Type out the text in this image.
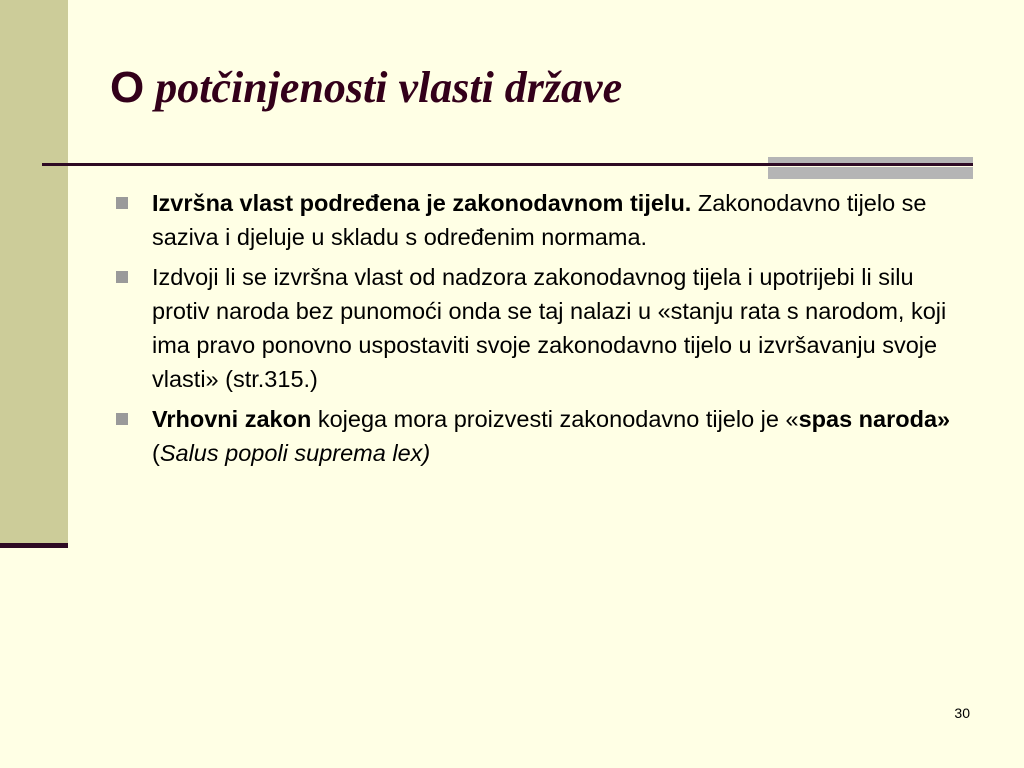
O potčinjenosti vlasti države
Izvršna vlast podređena je zakonodavnom tijelu. Zakonodavno tijelo se saziva i djeluje u skladu s određenim normama.
Izdvoji li se izvršna vlast od nadzora zakonodavnog tijela i upotrijebi li silu protiv naroda bez punomoći onda se taj nalazi u «stanju rata s narodom, koji ima pravo ponovno uspostaviti svoje zakonodavno tijelo u izvršavanju svoje vlasti» (str.315.)
Vrhovni zakon kojega mora proizvesti zakonodavno tijelo je «spas naroda» (Salus popoli suprema lex)
30
